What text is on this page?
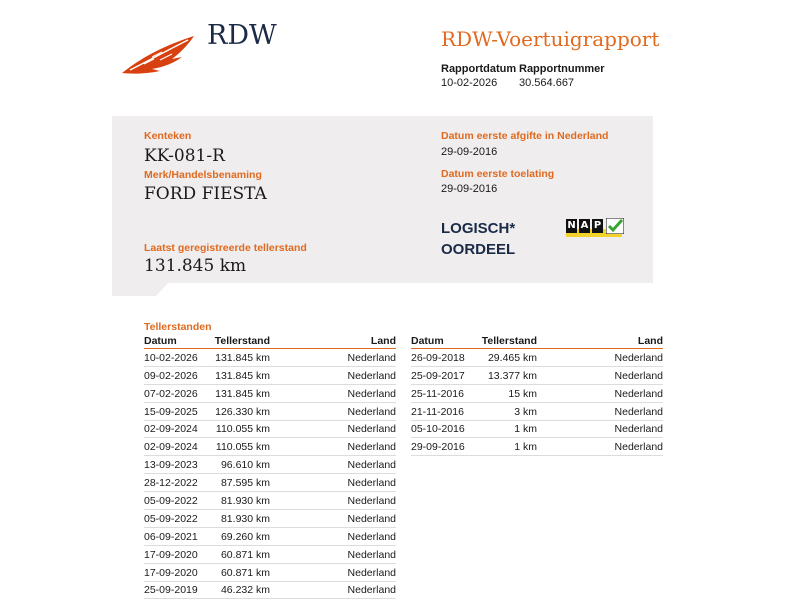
RDW	RDW-Voertuigrapport
Rapportdatum
10-02-2026
Rapportnummer
30.564.667
Kenteken
KK-081-R
Merk/Handelsbenaming
FORD FIESTA
Laatst geregistreerde tellerstand
131.845 km
Datum eerste afgifte in Nederland
29-09-2016
Datum eerste toelating
29-09-2016
LOGISCH*
OORDEEL
N A P
Tellerstanden
Datum	Tellerstand	Land
10-02-2026	131.845 km	Nederland
09-02-2026	131.845 km	Nederland
07-02-2026	131.845 km	Nederland
15-09-2025	126.330 km	Nederland
02-09-2024	110.055 km	Nederland
02-09-2024	110.055 km	Nederland
13-09-2023	96.610 km	Nederland
28-12-2022	87.595 km	Nederland
05-09-2022	81.930 km	Nederland
05-09-2022	81.930 km	Nederland
06-09-2021	69.260 km	Nederland
17-09-2020	60.871 km	Nederland
17-09-2020	60.871 km	Nederland
25-09-2019	46.232 km	Nederland
Datum	Tellerstand	Land
26-09-2018	29.465 km	Nederland
25-09-2017	13.377 km	Nederland
25-11-2016	15 km	Nederland
21-11-2016	3 km	Nederland
05-10-2016	1 km	Nederland
29-09-2016	1 km	Nederland
